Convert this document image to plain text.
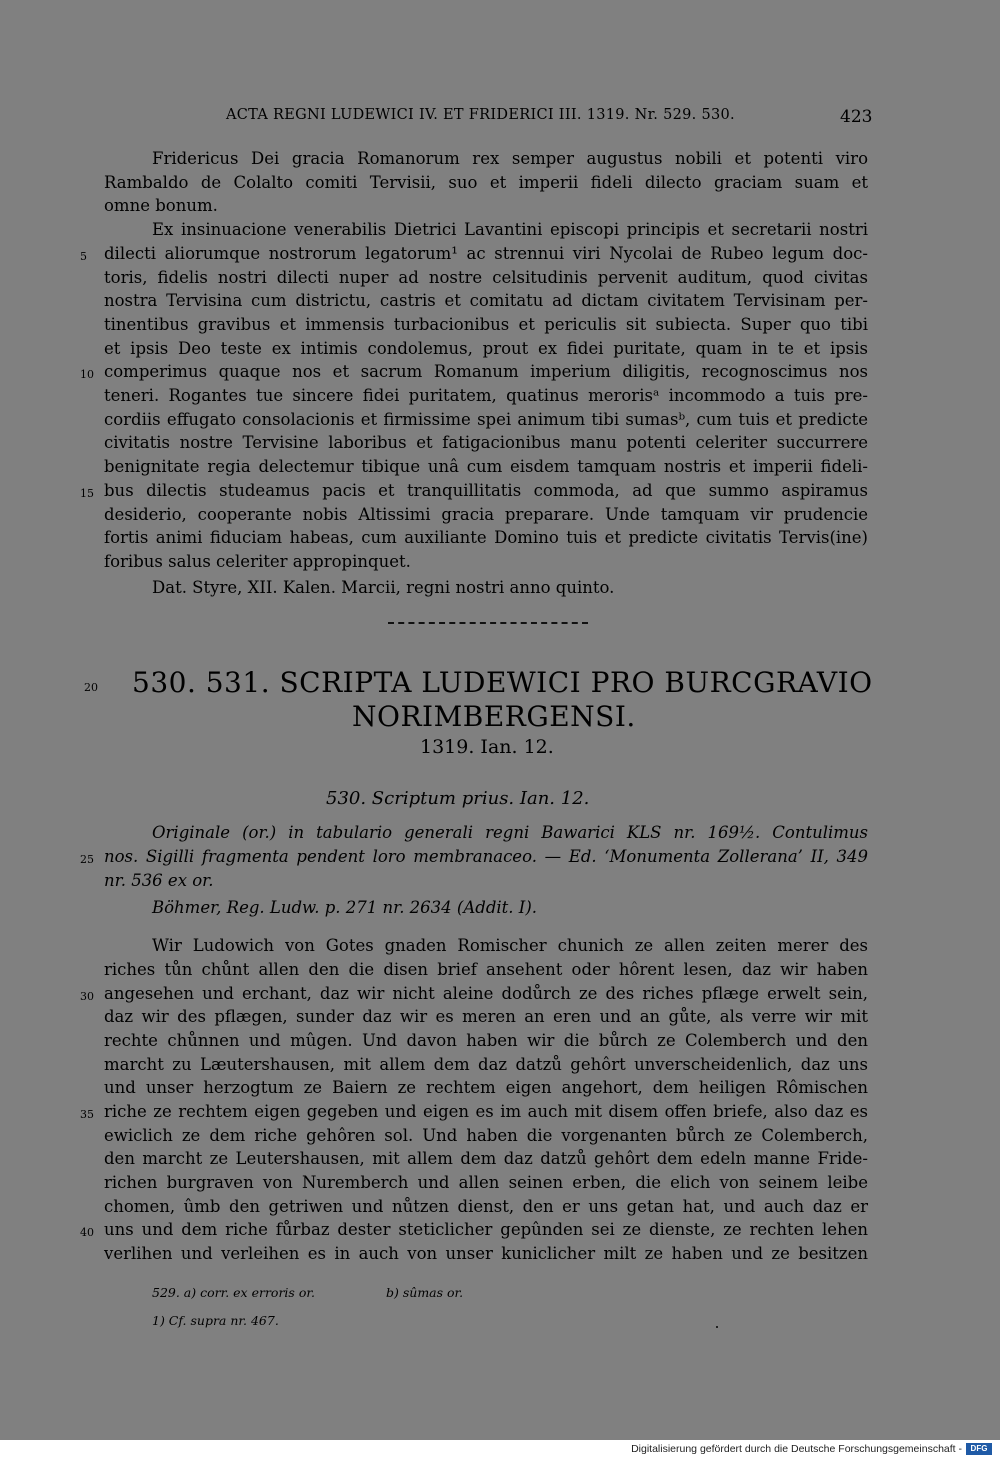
ACTA REGNI LUDEWICI IV. ET FRIDERICI III. 1319. Nr. 529. 530.	423
Fridericus Dei gracia Romanorum rex semper augustus nobili et potenti viro
Rambaldo de Colalto comiti Tervisii, suo et imperii fideli dilecto graciam suam et
omne bonum.
Ex insinuacione venerabilis Dietrici Lavantini episcopi principis et secretarii nostri
dilecti aliorumque nostrorum legatorum¹ ac strennui viri Nycolai de Rubeo legum doc-
toris, fidelis nostri dilecti nuper ad nostre celsitudinis pervenit auditum, quod civitas
nostra Tervisina cum districtu, castris et comitatu ad dictam civitatem Tervisinam per-
tinentibus gravibus et immensis turbacionibus et periculis sit subiecta. Super quo tibi
et ipsis Deo teste ex intimis condolemus, prout ex fidei puritate, quam in te et ipsis
comperimus quaque nos et sacrum Romanum imperium diligitis, recognoscimus nos
teneri. Rogantes tue sincere fidei puritatem, quatinus merorisᵃ incommodo a tuis pre-
cordiis effugato consolacionis et firmissime spei animum tibi sumasᵇ, cum tuis et predicte
civitatis nostre Tervisine laboribus et fatigacionibus manu potenti celeriter succurrere
benignitate regia delectemur tibique unâ cum eisdem tamquam nostris et imperii fideli-
bus dilectis studeamus pacis et tranquillitatis commoda, ad que summo aspiramus
desiderio, cooperante nobis Altissimi gracia preparare. Unde tamquam vir prudencie
fortis animi fiduciam habeas, cum auxiliante Domino tuis et predicte civitatis Tervis(ine)
foribus salus celeriter appropinquet.
Dat. Styre, XII. Kalen. Marcii, regni nostri anno quinto.
5
10
15
20 530. 531. SCRIPTA LUDEWICI PRO BURCGRAVIO
NORIMBERGENSI.
1319. Ian. 12.
530. Scriptum prius. Ian. 12.
Originale (or.) in tabulario generali regni Bawarici KLS nr. 169½. Contulimus
nos. Sigilli fragmenta pendent loro membranaceo. — Ed. ‘Monumenta Zollerana’ II, 349
nr. 536 ex or.
Böhmer, Reg. Ludw. p. 271 nr. 2634 (Addit. I).
Wir Ludowich von Gotes gnaden Romischer chunich ze allen zeiten merer des
riches tůn chůnt allen den die disen brief ansehent oder hôrent lesen, daz wir haben
angesehen und erchant, daz wir nicht aleine dodůrch ze des riches pflæge erwelt sein,
daz wir des pflægen, sunder daz wir es meren an eren und an gůte, als verre wir mit
rechte chůnnen und mûgen. Und davon haben wir die bůrch ze Colemberch und den
marcht zu Læutershausen, mit allem dem daz datzů gehôrt unverscheidenlich, daz uns
und unser herzogtum ze Baiern ze rechtem eigen angehort, dem heiligen Rômischen
riche ze rechtem eigen gegeben und eigen es im auch mit disem offen briefe, also daz es
ewiclich ze dem riche gehôren sol. Und haben die vorgenanten bůrch ze Colemberch,
den marcht ze Leutershausen, mit allem dem daz datzů gehôrt dem edeln manne Fride-
richen burgraven von Nuremberch und allen seinen erben, die elich von seinem leibe
chomen, ûmb den getriwen und nůtzen dienst, den er uns getan hat, und auch daz er
uns und dem riche fůrbaz dester steticlicher gepûnden sei ze dienste, ze rechten lehen
verlihen und verleihen es in auch von unser kuniclicher milt ze haben und ze besitzen
25
30
35
40
529. a) corr. ex erroris or.	b) sûmas or.
1) Cf. supra nr. 467.
Digitalisierung gefördert durch die Deutsche Forschungsgemeinschaft -	DFG
